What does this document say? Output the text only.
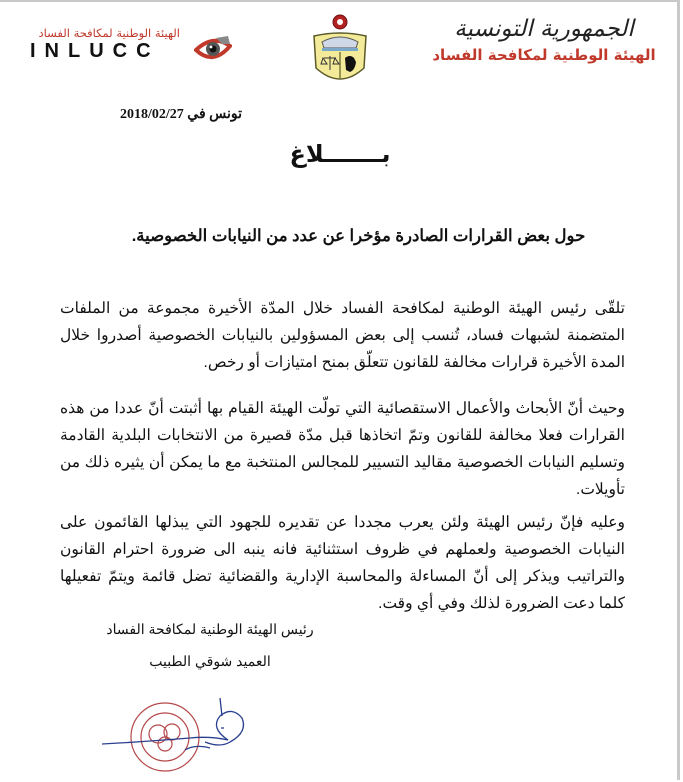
الهيئة الوطنية لمكافحة الفساد
INLUCC
الجمهورية التونسية
الهيئة الوطنية لمكافحة الفساد
تونس في 2018/02/27
بـــــــلاغ
حول بعض القرارات الصادرة مؤخرا عن عدد من النيابات الخصوصية.
تلقّى رئيس الهيئة الوطنية لمكافحة الفساد خلال المدّة الأخيرة مجموعة من الملفات المتضمنة لشبهات فساد، تُنسب إلى بعض المسؤولين بالنيابات الخصوصية أصدروا خلال المدة الأخيرة قرارات مخالفة للقانون تتعلّق بمنح امتيازات أو رخص.
وحيث أنّ الأبحاث والأعمال الاستقصائية التي تولّت الهيئة القيام بها أثبتت أنّ عددا من هذه القرارات فعلا مخالفة للقانون وتمّ اتخاذها قبل مدّة قصيرة من الانتخابات البلدية القادمة وتسليم النيابات الخصوصية مقاليد التسيير للمجالس المنتخبة مع ما يمكن أن يثيره ذلك من تأويلات.
وعليه فإنّ رئيس الهيئة ولئن يعرب مجددا عن تقديره للجهود التي يبذلها القائمون على النيابات الخصوصية ولعملهم في ظروف استثنائية فانه ينبه الى ضرورة احترام القانون والتراتيب ويذكر إلى أنّ المساءلة والمحاسبة الإدارية والقضائية تضل قائمة ويتمّ تفعيلها كلما دعت الضرورة لذلك وفي أي وقت.
رئيس الهيئة الوطنية لمكافحة الفساد
العميد شوقي الطبيب
